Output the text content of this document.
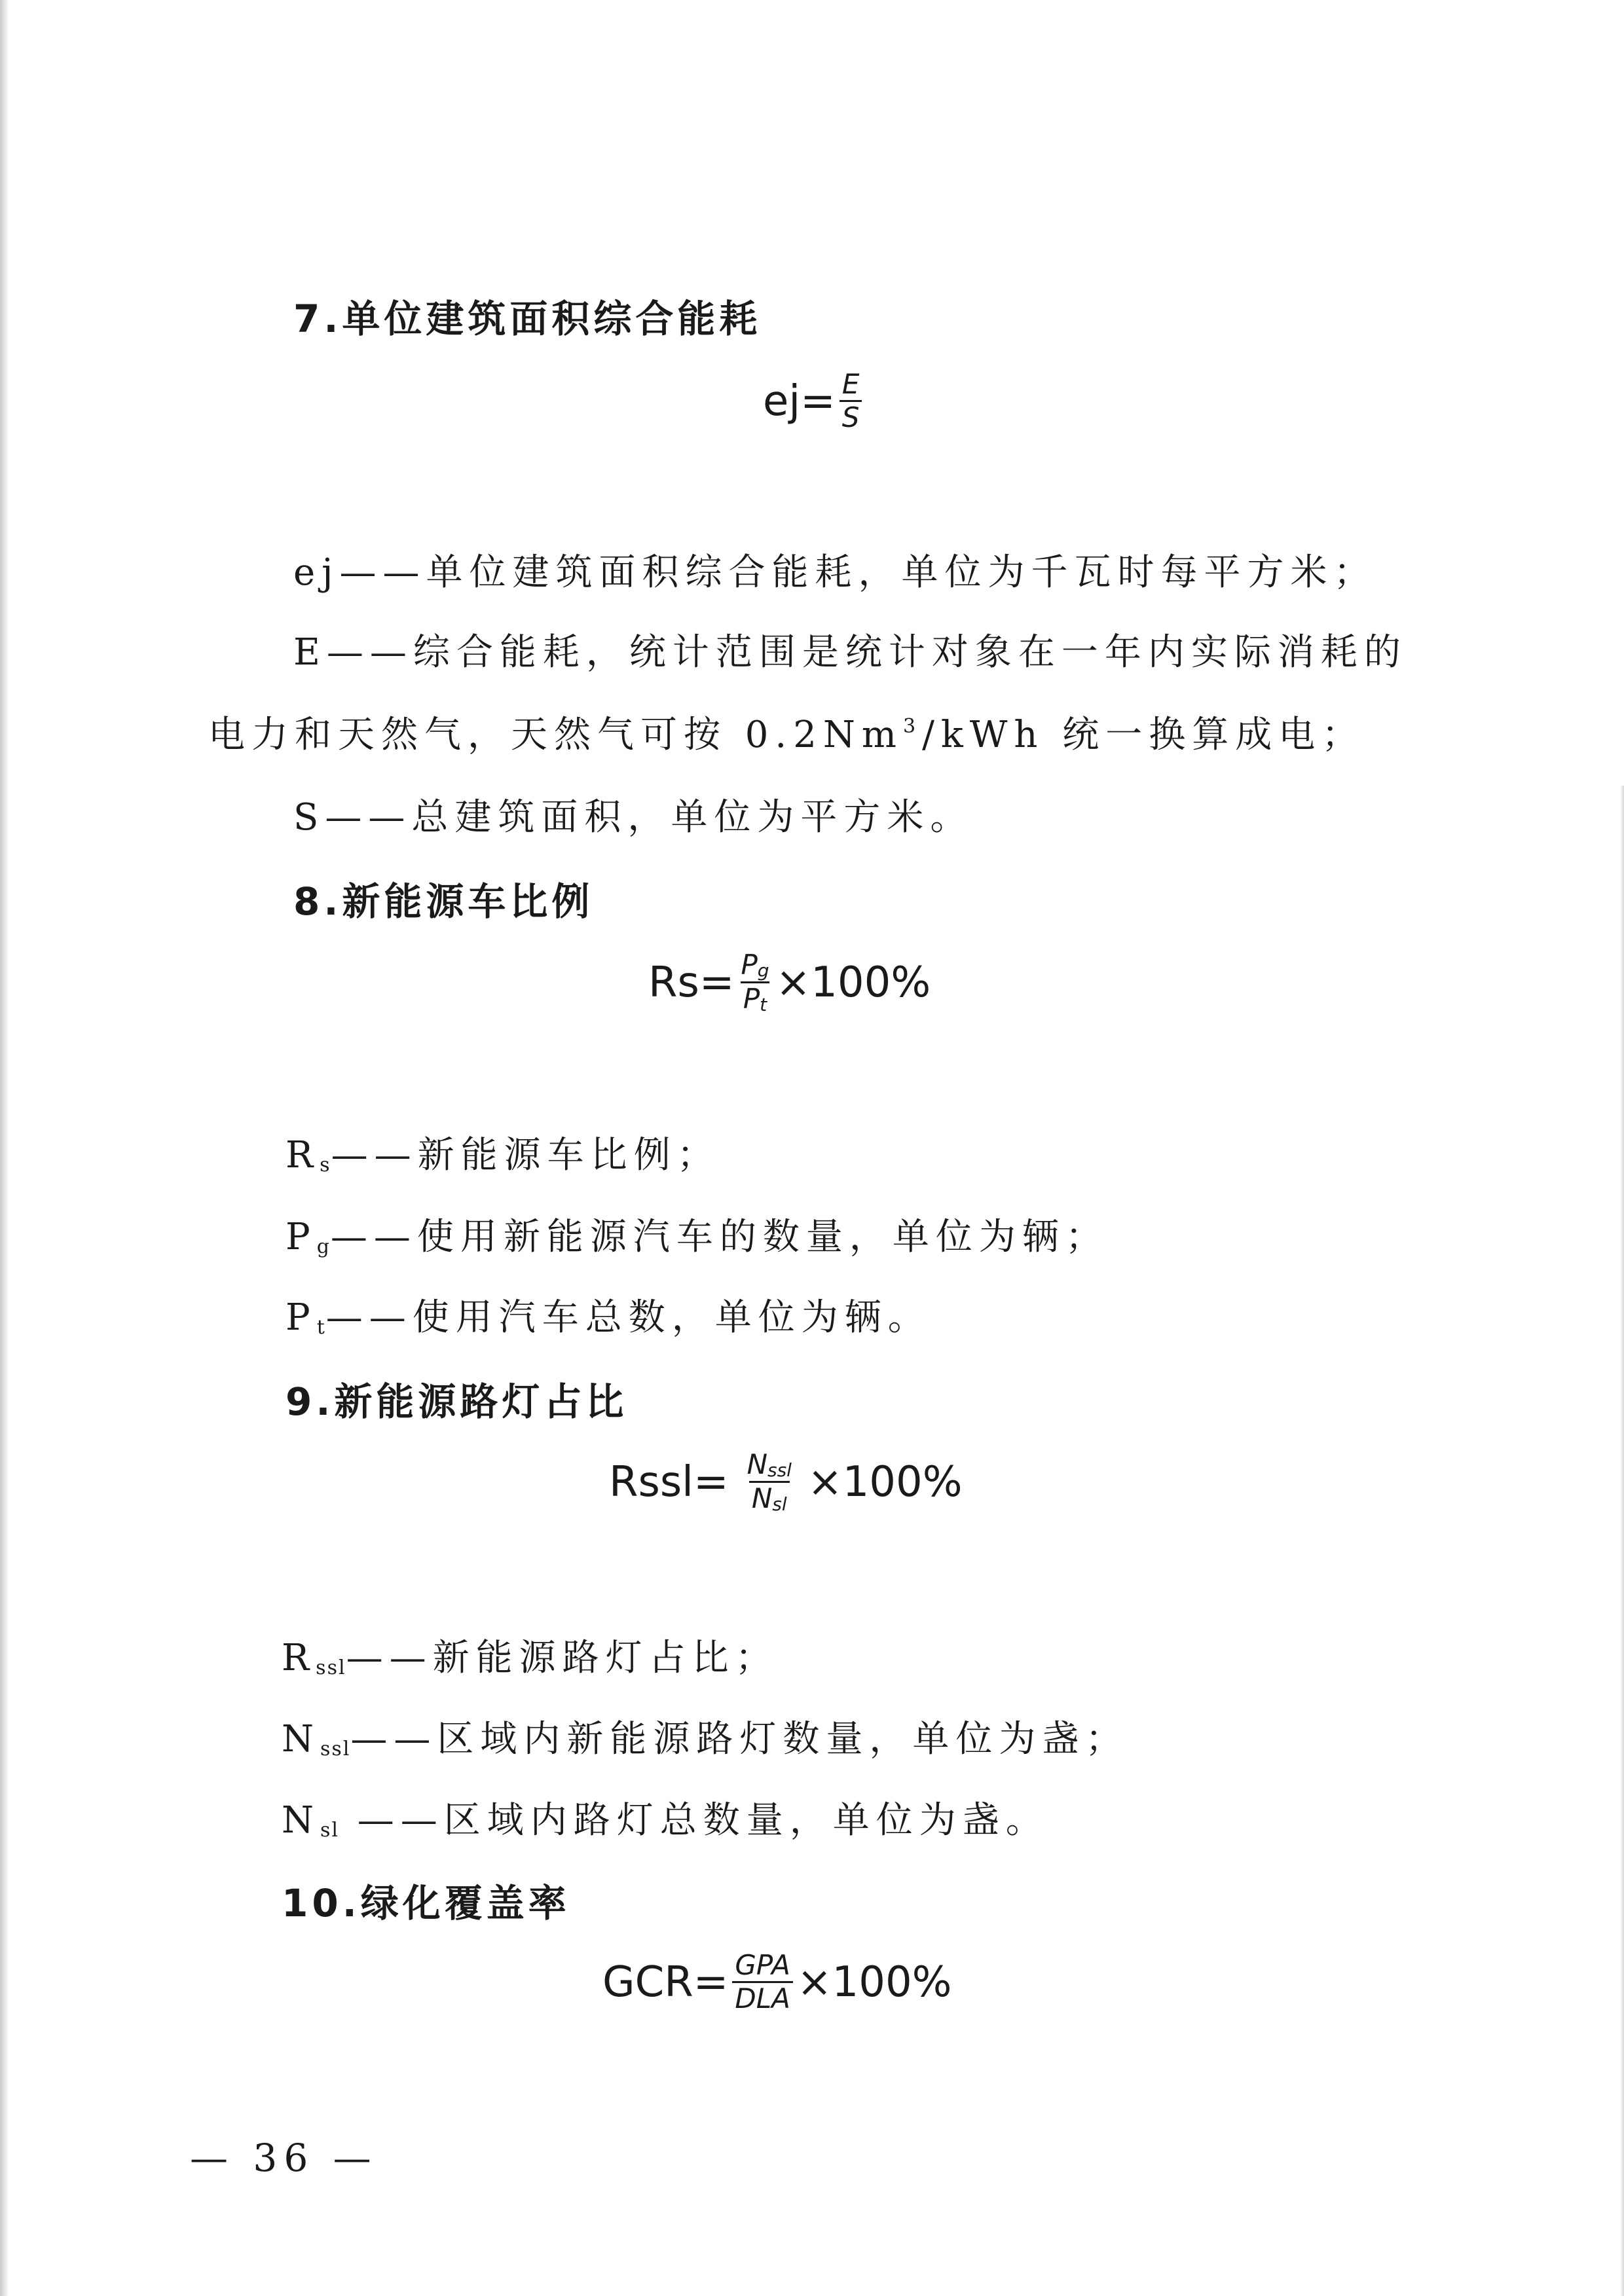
7.单位建筑面积综合能耗
$ej= \frac{E}{S}$
ej——单位建筑面积综合能耗，单位为千瓦时每平方米；
E——综合能耗，统计范围是统计对象在一年内实际消耗的
电力和天然气，天然气可按 0.2Nm$^3$/kWh 统一换算成电；
S——总建筑面积，单位为平方米。
8.新能源车比例
$Rs= \frac{P_g}{P_t} \times 100\%$
$R_s——$新能源车比例；
$P_g——$使用新能源汽车的数量，单位为辆；
$P_t——$使用汽车总数，单位为辆。
9.新能源路灯占比
Rssl= $\frac{N_{ssl}}{N_{sl}} \times 100\%$
$R_{ssl}——$新能源路灯占比；
$N_{ssl}——$区域内新能源路灯数量，单位为盏；
$N_{sl}$ ——区域内路灯总数量，单位为盏。
10.绿化覆盖率
$GCR= \frac{\text{GPA}}{\text{DLA}} \times 100\%$
— 36 —
